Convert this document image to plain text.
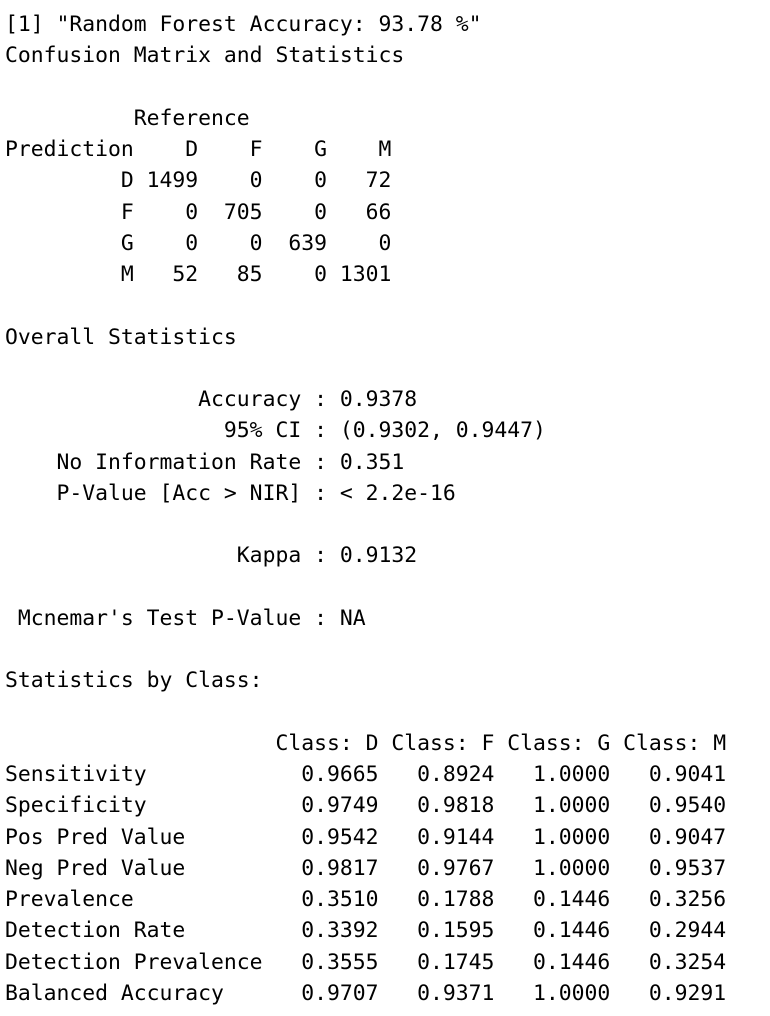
[1] "Random Forest Accuracy: 93.78 %"
Confusion Matrix and Statistics
Reference
Prediction    D    F    G    M
D 1499    0    0   72
F    0  705    0   66
G    0    0  639    0
M   52   85    0 1301
Overall Statistics
Accuracy : 0.9378
95% CI : (0.9302, 0.9447)
No Information Rate : 0.351
P-Value [Acc > NIR] : < 2.2e-16
Kappa : 0.9132
Mcnemar's Test P-Value : NA
Statistics by Class:
Class: D Class: F Class: G Class: M
Sensitivity            0.9665   0.8924   1.0000   0.9041
Specificity            0.9749   0.9818   1.0000   0.9540
Pos Pred Value         0.9542   0.9144   1.0000   0.9047
Neg Pred Value         0.9817   0.9767   1.0000   0.9537
Prevalence             0.3510   0.1788   0.1446   0.3256
Detection Rate         0.3392   0.1595   0.1446   0.2944
Detection Prevalence   0.3555   0.1745   0.1446   0.3254
Balanced Accuracy      0.9707   0.9371   1.0000   0.9291
